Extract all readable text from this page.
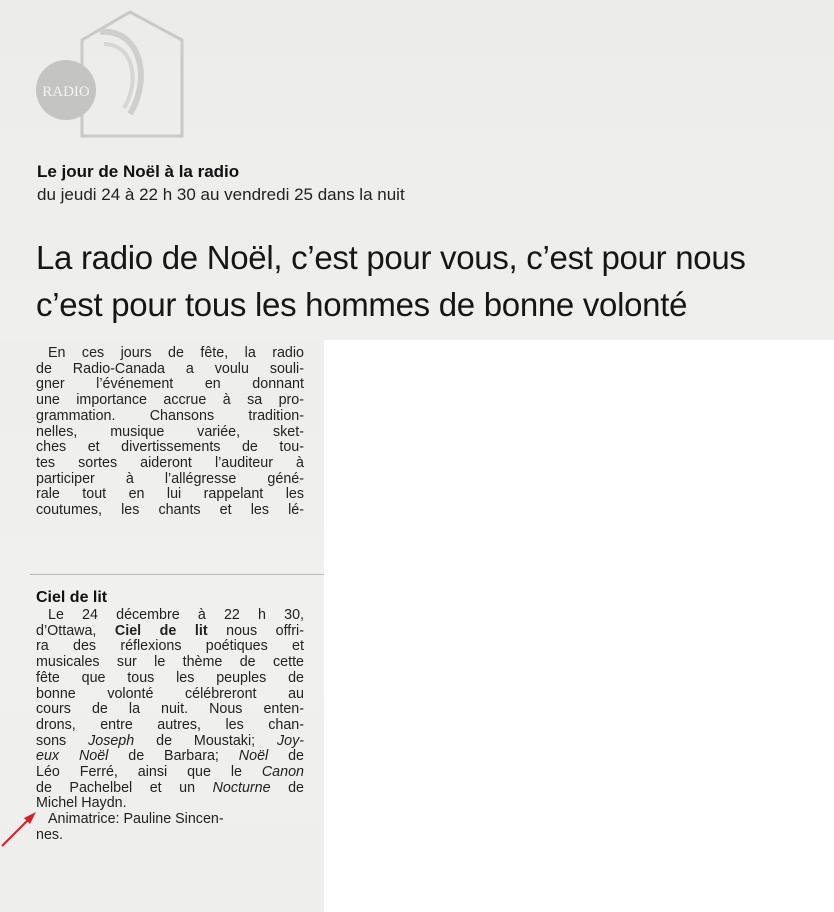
RADIO
Le jour de Noël à la radio
du jeudi 24 à 22 h 30 au vendredi 25 dans la nuit
La radio de Noël, c’est pour vous, c’est pour nous
c’est pour tous les hommes de bonne volonté
En ces jours de fête, la radio
de Radio-Canada a voulu souli-
gner l’événement en donnant
une importance accrue à sa pro-
grammation. Chansons tradition-
nelles, musique variée, sket-
ches et divertissements de tou-
tes sortes aideront l’auditeur à
participer à l’allégresse géné-
rale tout en lui rappelant les
coutumes, les chants et les lé-
Ciel de lit
Le 24 décembre à 22 h 30,
d’Ottawa, Ciel de lit nous offri-
ra des réflexions poétiques et
musicales sur le thème de cette
fête que tous les peuples de
bonne volonté célébreront au
cours de la nuit. Nous enten-
drons, entre autres, les chan-
sons Joseph de Moustaki; Joy-
eux Noël de Barbara; Noël de
Léo Ferré, ainsi que le Canon
de Pachelbel et un Nocturne de
Michel Haydn.
Animatrice: Pauline Sincen-
nes.
